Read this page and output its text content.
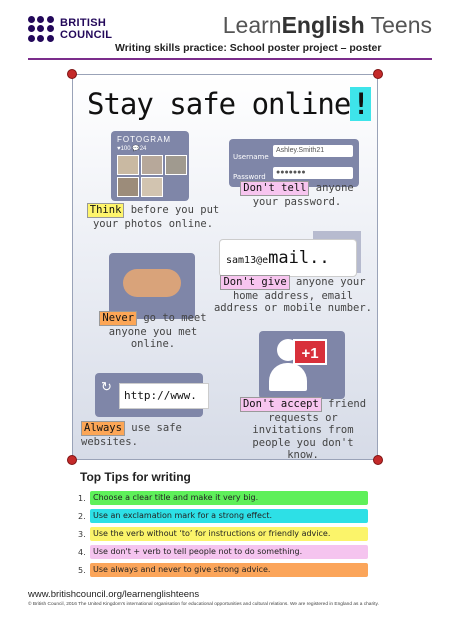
BRITISH
COUNCIL	LearnEnglish Teens
Writing skills practice: School poster project – poster
Stay safe online!
FOTOGRAM
♥100 💬24
Think before you put your photos online.
Username
Ashley.Smith21
Password
●●●●●●●
Don't tell anyone your password.
sam13@email..
Don't give anyone your home address, email address or mobile number.
Never go to meet anyone you met online.
+1
Don't accept friend requests or invitations from people you don't know.
↻
http://www.
Always use safe websites.
Top Tips for writing
1. Choose a clear title and make it very big.
2. Use an exclamation mark for a strong effect.
3. Use the verb without ‘to’ for instructions or friendly advice.
4. Use don't + verb to tell people not to do something.
5. Use always and never to give strong advice.
www.britishcouncil.org/learnenglishteens
© British Council, 2016 The United Kingdom's international organisation for educational opportunities and cultural relations. We are registered in England as a charity.
